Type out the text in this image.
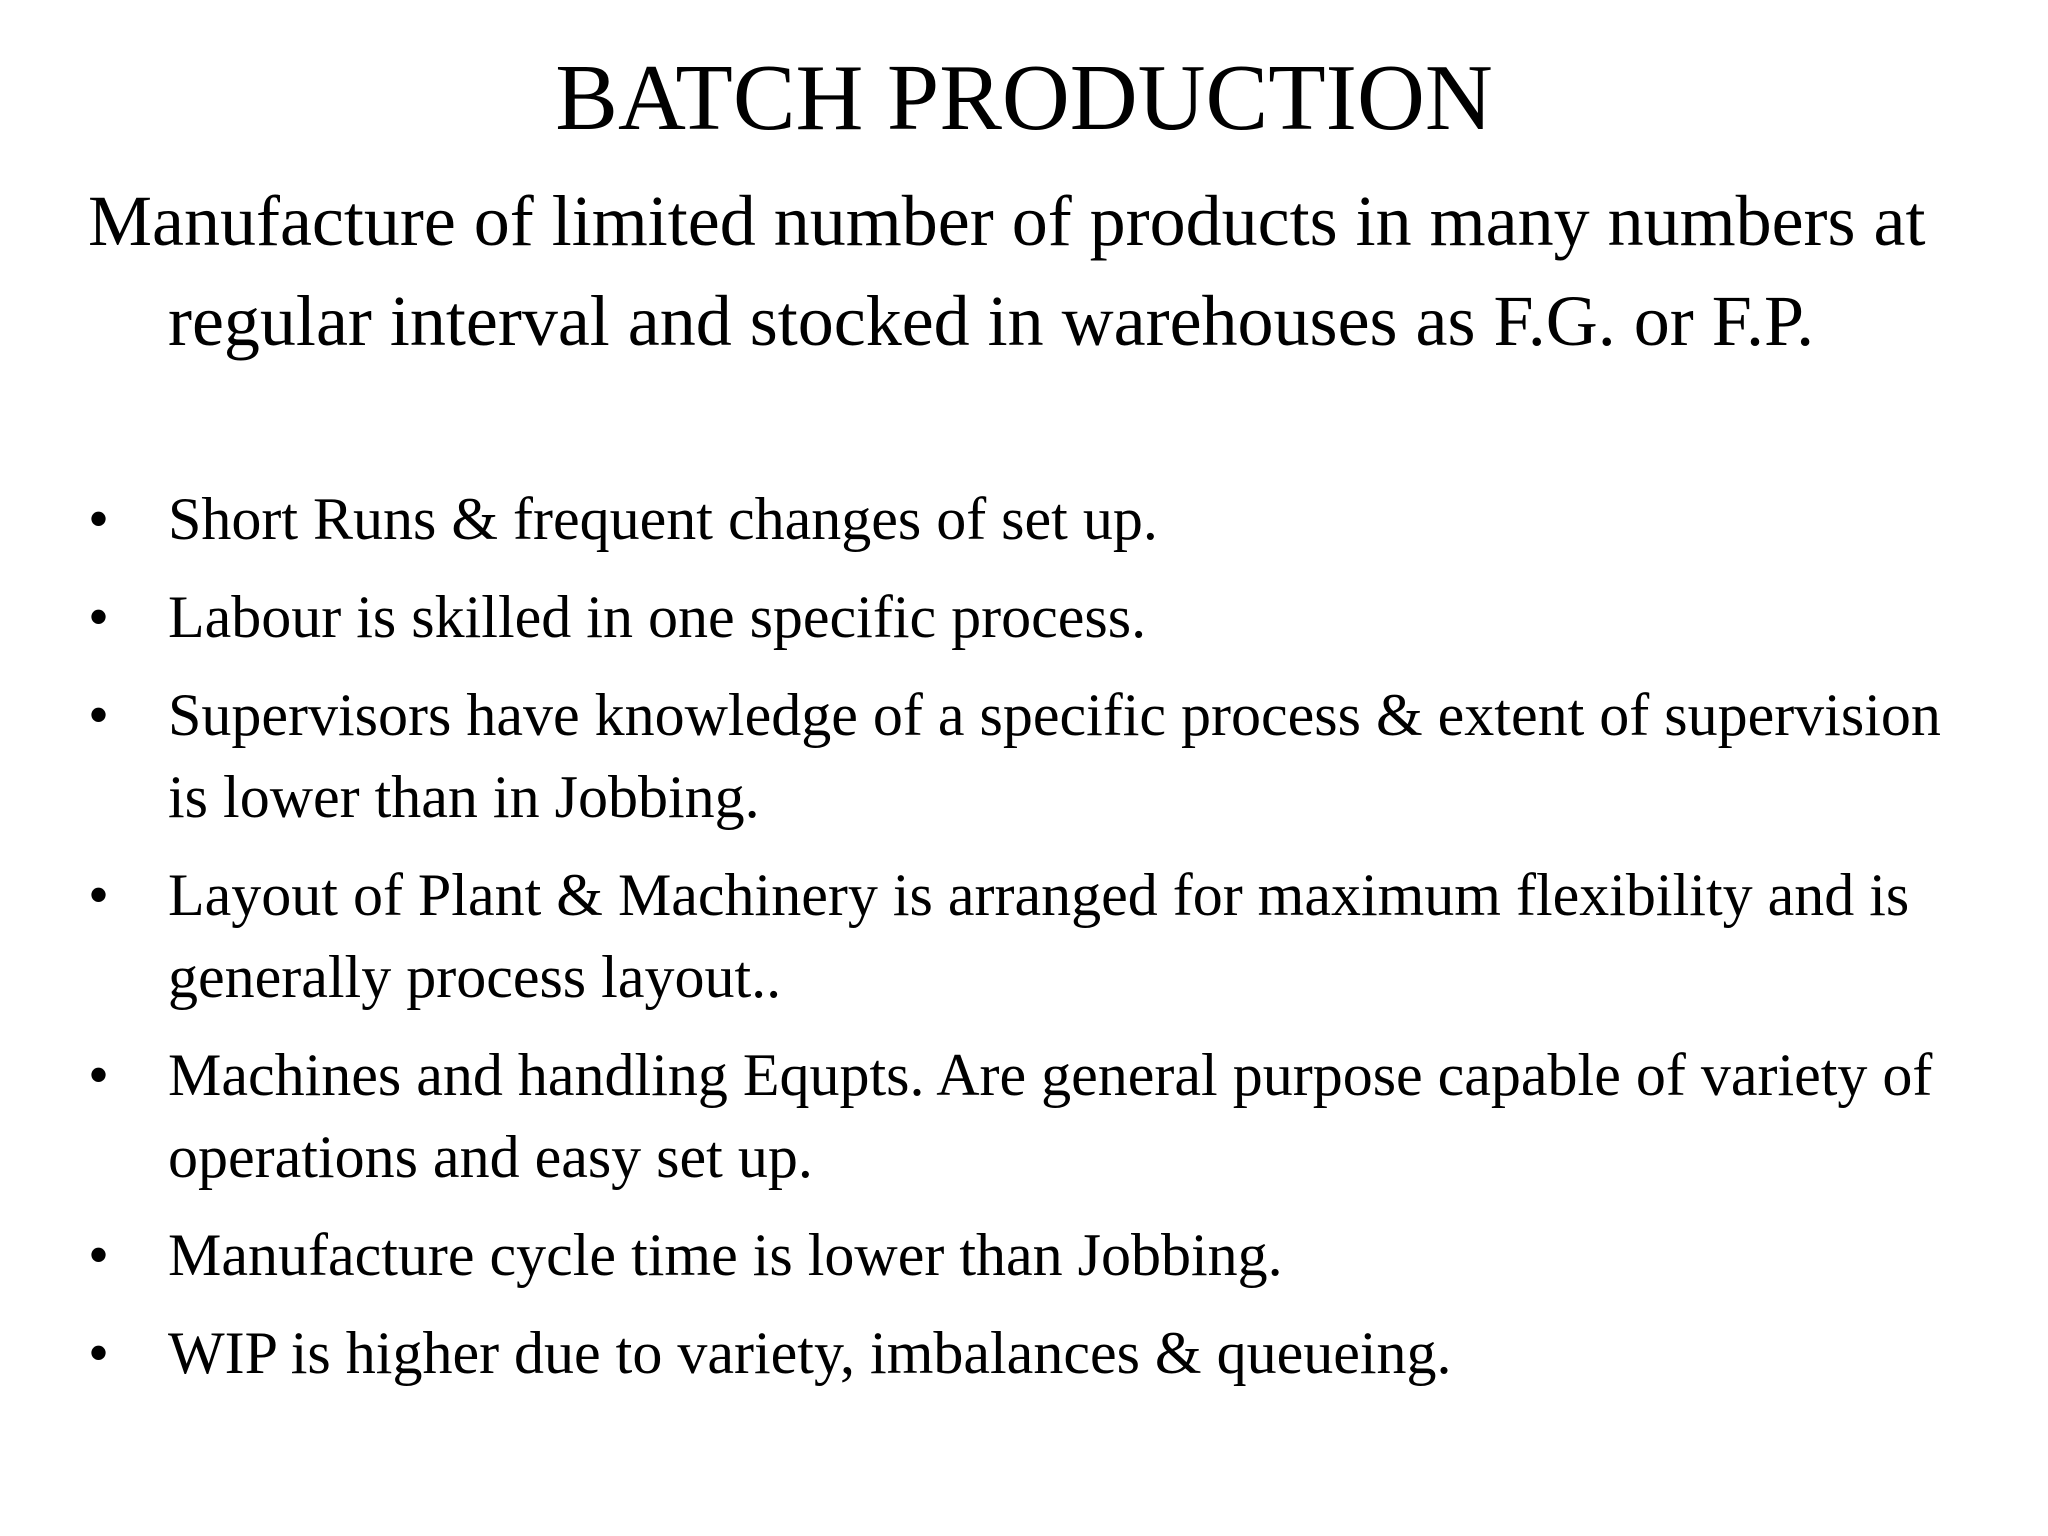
BATCH PRODUCTION

Manufacture of limited number of products in many numbers at regular interval and stocked in warehouses as F.G. or F.P.

• Short Runs & frequent changes of set up.
• Labour is skilled in one specific process.
• Supervisors have knowledge of a specific process & extent of supervision is lower than in Jobbing.
• Layout of Plant & Machinery is arranged for maximum flexibility and is generally process layout..
• Machines and handling Equpts. Are general purpose capable of variety of operations and easy set up.
• Manufacture cycle time is lower than Jobbing.
• WIP is higher due to variety, imbalances & queueing.
